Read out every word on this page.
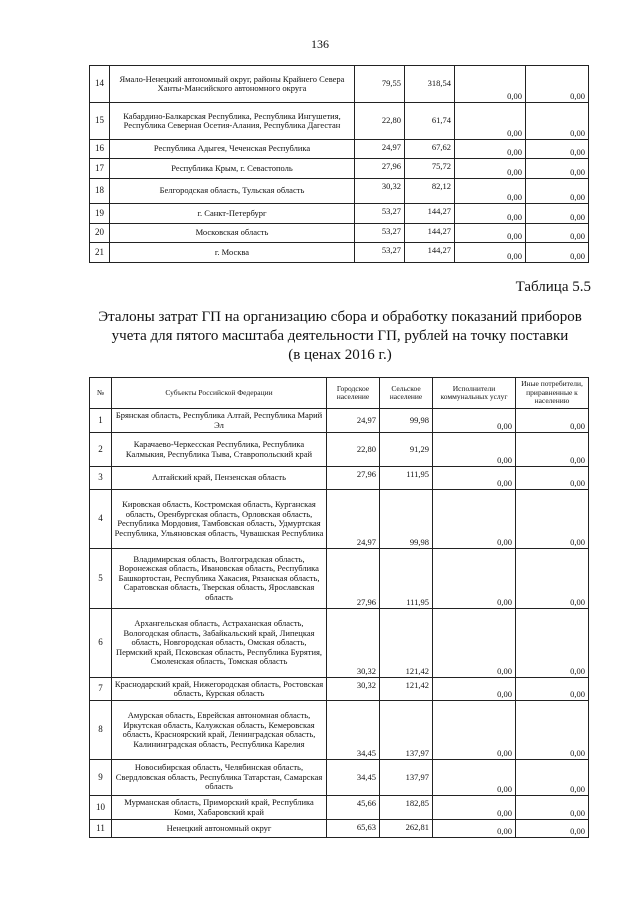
136
14	Ямало-Ненецкий автономный округ, районы Крайнего Севера Ханты-Мансийского автономного округа	79,55	318,54	0,00	0,00
15	Кабардино-Балкарская Республика, Республика Ингушетия, Республика Северная Осетия-Алания, Республика Дагестан	22,80	61,74	0,00	0,00
16	Республика Адыгея, Чеченская Республика	24,97	67,62	0,00	0,00
17	Республика Крым, г. Севастополь	27,96	75,72	0,00	0,00
18	Белгородская область, Тульская область	30,32	82,12	0,00	0,00
19	г. Санкт-Петербург	53,27	144,27	0,00	0,00
20	Московская область	53,27	144,27	0,00	0,00
21	г. Москва	53,27	144,27	0,00	0,00
Таблица 5.5
Эталоны затрат ГП на организацию сбора и обработку показаний приборов
учета для пятого масштаба деятельности ГП, рублей на точку поставки
(в ценах 2016 г.)
№	Субъекты Российской Федерации	Городское население	Сельское население	Исполнители коммунальных услуг	Иные потребители, приравненные к населению
1	Брянская область, Республика Алтай, Республика Марий Эл	24,97	99,98	0,00	0,00
2	Карачаево-Черкесская Республика, Республика Калмыкия, Республика Тыва, Ставропольский край	22,80	91,29	0,00	0,00
3	Алтайский край, Пензенская область	27,96	111,95	0,00	0,00
4	Кировская область, Костромская область, Курганская область, Оренбургская область, Орловская область, Республика Мордовия, Тамбовская область, Удмуртская Республика, Ульяновская область, Чувашская Республика	24,97	99,98	0,00	0,00
5	Владимирская область, Волгоградская область, Воронежская область, Ивановская область, Республика Башкортостан, Республика Хакасия, Рязанская область, Саратовская область, Тверская область, Ярославская область	27,96	111,95	0,00	0,00
6	Архангельская область, Астраханская область, Вологодская область, Забайкальский край, Липецкая область, Новгородская область, Омская область, Пермский край, Псковская область, Республика Бурятия, Смоленская область, Томская область	30,32	121,42	0,00	0,00
7	Краснодарский край, Нижегородская область, Ростовская область, Курская область	30,32	121,42	0,00	0,00
8	Амурская область, Еврейская автономная область, Иркутская область, Калужская область, Кемеровская область, Красноярский край, Ленинградская область, Калининградская область, Республика Карелия	34,45	137,97	0,00	0,00
9	Новосибирская область, Челябинская область, Свердловская область, Республика Татарстан, Самарская область	34,45	137,97	0,00	0,00
10	Мурманская область, Приморский край, Республика Коми, Хабаровский край	45,66	182,85	0,00	0,00
11	Ненецкий автономный округ	65,63	262,81	0,00	0,00
